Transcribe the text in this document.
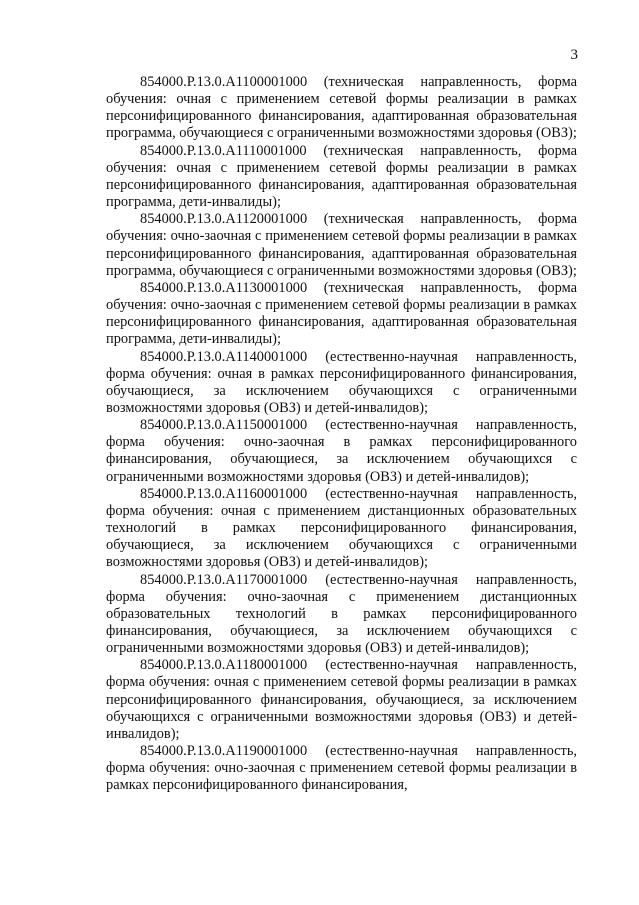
3

854000.Р.13.0.А1100001000 (техническая направленность, форма обучения: очная с применением сетевой формы реализации в рамках персонифицированного финансирования, адаптированная образовательная программа, обучающиеся с ограниченными возможностями здоровья (ОВЗ);

854000.Р.13.0.А1110001000 (техническая направленность, форма обучения: очная с применением сетевой формы реализации в рамках персонифицированного финансирования, адаптированная образовательная программа, дети-инвалиды);

854000.Р.13.0.А1120001000 (техническая направленность, форма обучения: очно-заочная с применением сетевой формы реализации в рамках персонифицированного финансирования, адаптированная образовательная программа, обучающиеся с ограниченными возможностями здоровья (ОВЗ);

854000.Р.13.0.А1130001000 (техническая направленность, форма обучения: очно-заочная с применением сетевой формы реализации в рамках персонифицированного финансирования, адаптированная образовательная программа, дети-инвалиды);

854000.Р.13.0.А1140001000 (естественно-научная направленность, форма обучения: очная в рамках персонифицированного финансирования, обучающиеся, за исключением обучающихся с ограниченными возможностями здоровья (ОВЗ) и детей-инвалидов);

854000.Р.13.0.А1150001000 (естественно-научная направленность, форма обучения: очно-заочная в рамках персонифицированного финансирования, обучающиеся, за исключением обучающихся с ограниченными возможностями здоровья (ОВЗ) и детей-инвалидов);

854000.Р.13.0.А1160001000 (естественно-научная направленность, форма обучения: очная с применением дистанционных образовательных технологий в рамках персонифицированного финансирования, обучающиеся, за исключением обучающихся с ограниченными возможностями здоровья (ОВЗ) и детей-инвалидов);

854000.Р.13.0.А1170001000 (естественно-научная направленность, форма обучения: очно-заочная с применением дистанционных образовательных технологий в рамках персонифицированного финансирования, обучающиеся, за исключением обучающихся с ограниченными возможностями здоровья (ОВЗ) и детей-инвалидов);

854000.Р.13.0.А1180001000 (естественно-научная направленность, форма обучения: очная с применением сетевой формы реализации в рамках персонифицированного финансирования, обучающиеся, за исключением обучающихся с ограниченными возможностями здоровья (ОВЗ) и детей-инвалидов);

854000.Р.13.0.А1190001000 (естественно-научная направленность, форма обучения: очно-заочная с применением сетевой формы реализации в рамках персонифицированного финансирования,
